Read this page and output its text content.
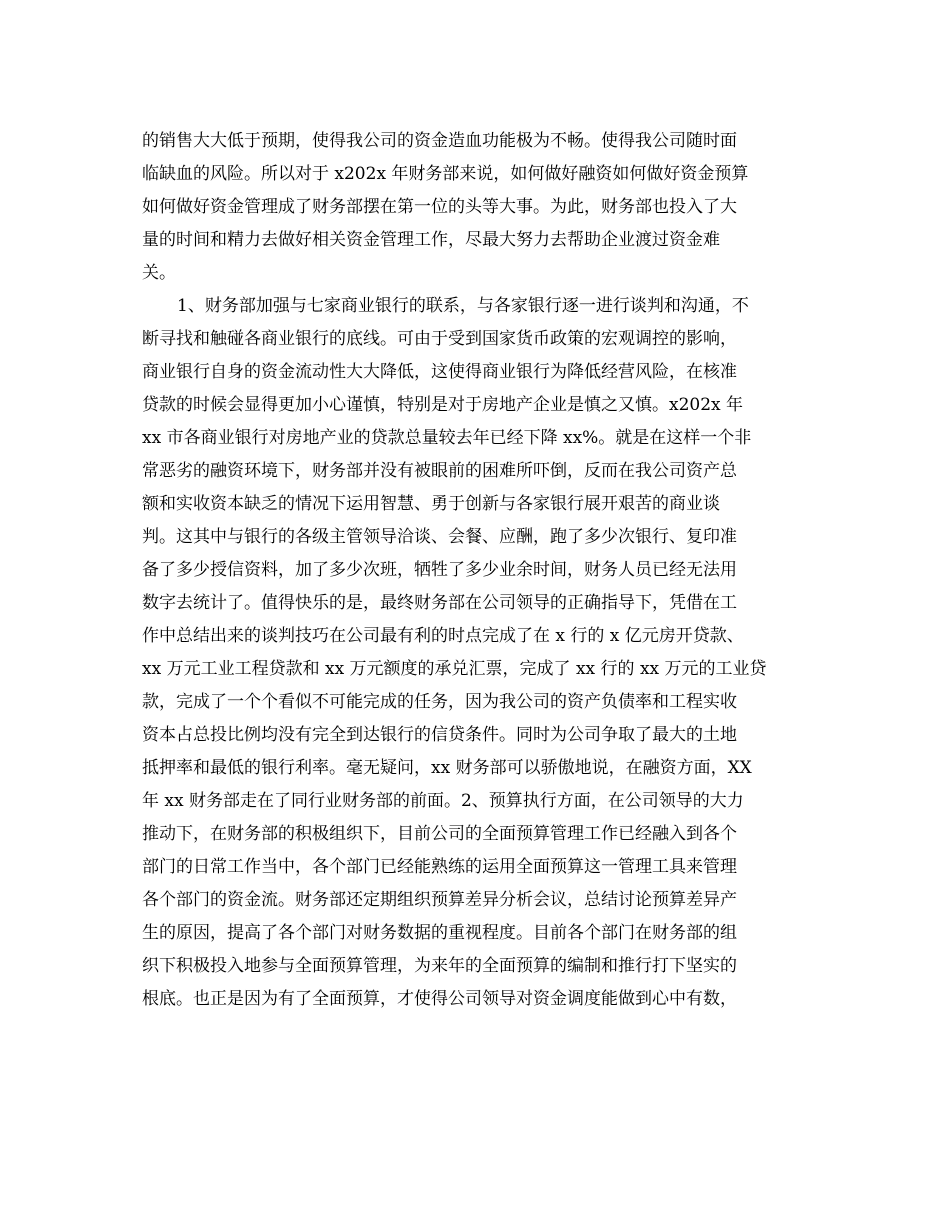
的销售大大低于预期，使得我公司的资金造血功能极为不畅。使得我公司随时面
临缺血的风险。所以对于 x202x 年财务部来说，如何做好融资如何做好资金预算
如何做好资金管理成了财务部摆在第一位的头等大事。为此，财务部也投入了大
量的时间和精力去做好相关资金管理工作，尽最大努力去帮助企业渡过资金难
关。
1、财务部加强与七家商业银行的联系，与各家银行逐一进行谈判和沟通，不
断寻找和触碰各商业银行的底线。可由于受到国家货币政策的宏观调控的影响，
商业银行自身的资金流动性大大降低，这使得商业银行为降低经营风险，在核准
贷款的时候会显得更加小心谨慎，特别是对于房地产企业是慎之又慎。x202x 年
xx 市各商业银行对房地产业的贷款总量较去年已经下降 xx%。就是在这样一个非
常恶劣的融资环境下，财务部并没有被眼前的困难所吓倒，反而在我公司资产总
额和实收资本缺乏的情况下运用智慧、勇于创新与各家银行展开艰苦的商业谈
判。这其中与银行的各级主管领导洽谈、会餐、应酬，跑了多少次银行、复印准
备了多少授信资料，加了多少次班，牺牲了多少业余时间，财务人员已经无法用
数字去统计了。值得快乐的是，最终财务部在公司领导的正确指导下，凭借在工
作中总结出来的谈判技巧在公司最有利的时点完成了在 x 行的 x 亿元房开贷款、
xx 万元工业工程贷款和 xx 万元额度的承兑汇票，完成了 xx 行的 xx 万元的工业贷
款，完成了一个个看似不可能完成的任务，因为我公司的资产负债率和工程实收
资本占总投比例均没有完全到达银行的信贷条件。同时为公司争取了最大的土地
抵押率和最低的银行利率。毫无疑问，xx 财务部可以骄傲地说，在融资方面，XX
年 xx 财务部走在了同行业财务部的前面。2、预算执行方面，在公司领导的大力
推动下，在财务部的积极组织下，目前公司的全面预算管理工作已经融入到各个
部门的日常工作当中，各个部门已经能熟练的运用全面预算这一管理工具来管理
各个部门的资金流。财务部还定期组织预算差异分析会议，总结讨论预算差异产
生的原因，提高了各个部门对财务数据的重视程度。目前各个部门在财务部的组
织下积极投入地参与全面预算管理，为来年的全面预算的编制和推行打下坚实的
根底。也正是因为有了全面预算，才使得公司领导对资金调度能做到心中有数，
